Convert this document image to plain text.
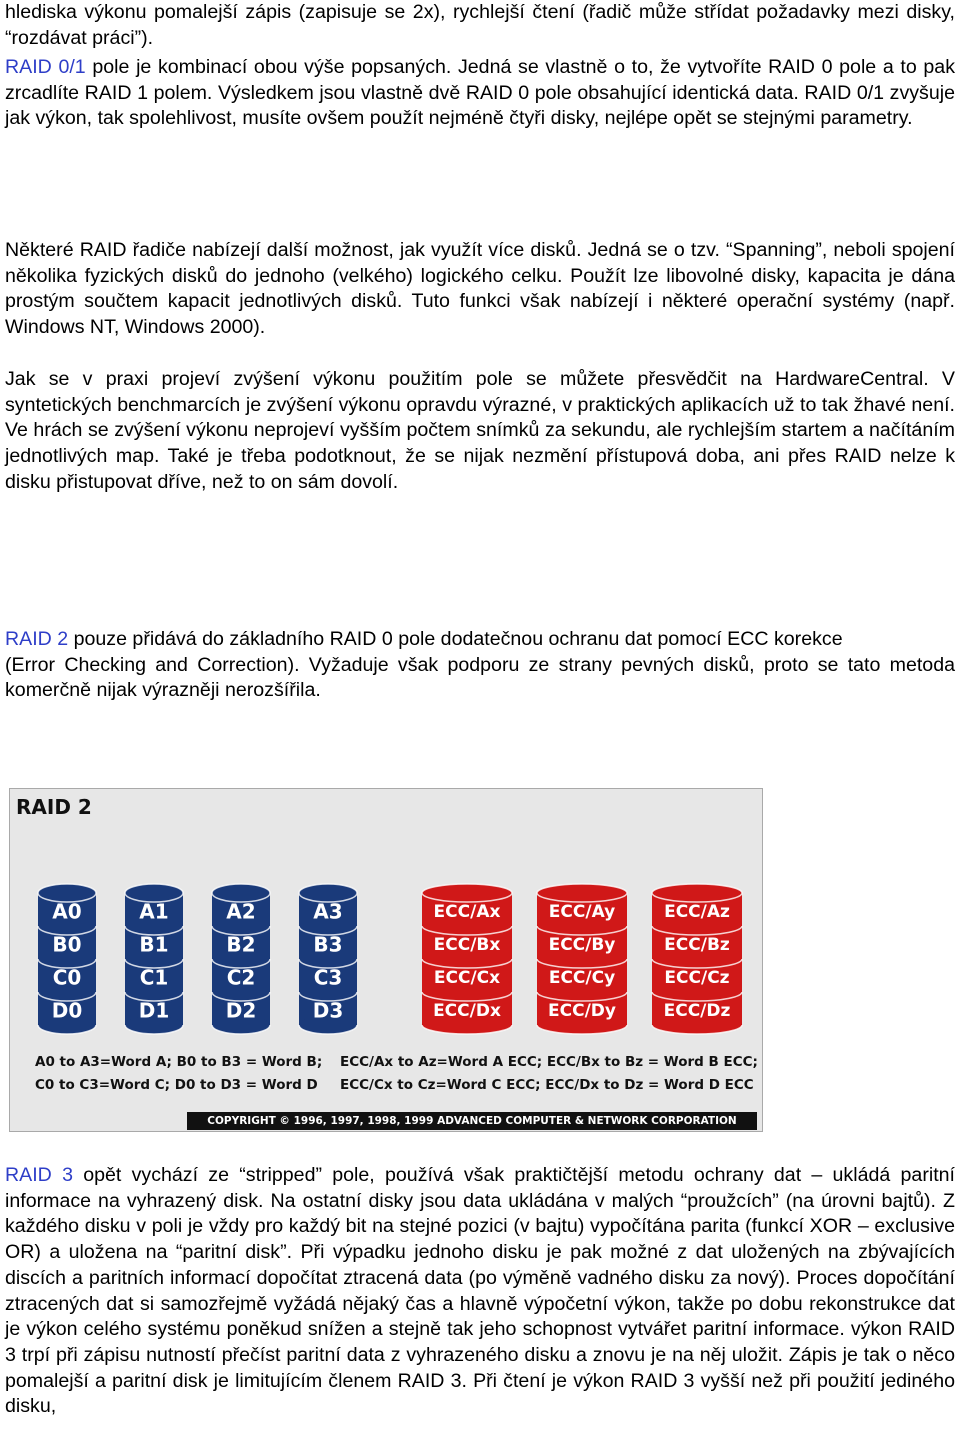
hlediska výkonu pomalejší zápis (zapisuje se 2x), rychlejší čtení (řadič může střídat požadavky mezi disky, “rozdávat práci”).

RAID 0/1 pole je kombinací obou výše popsaných. Jedná se vlastně o to, že vytvoříte RAID 0 pole a to pak zrcadlíte RAID 1 polem. Výsledkem jsou vlastně dvě RAID 0 pole obsahující identická data. RAID 0/1 zvyšuje jak výkon, tak spolehlivost, musíte ovšem použít nejméně čtyři disky, nejlépe opět se stejnými parametry.

Některé RAID řadiče nabízejí další možnost, jak využít více disků. Jedná se o tzv. “Spanning”, neboli spojení několika fyzických disků do jednoho (velkého) logického celku. Použít lze libovolné disky, kapacita je dána prostým součtem kapacit jednotlivých disků. Tuto funkci však nabízejí i některé operační systémy (např. Windows NT, Windows 2000).

Jak se v praxi projeví zvýšení výkonu použitím pole se můžete přesvědčit na HardwareCentral. V syntetických benchmarcích je zvýšení výkonu opravdu výrazné, v praktických aplikacích už to tak žhavé není. Ve hrách se zvýšení výkonu neprojeví vyšším počtem snímků za sekundu, ale rychlejším startem a načítáním jednotlivých map. Také je třeba podotknout, že se nijak nezmění přístupová doba, ani přes RAID nelze k disku přistupovat dříve, než to on sám dovolí.

RAID 2 pouze přidává do základního RAID 0 pole dodatečnou ochranu dat pomocí ECC korekce
(Error Checking and Correction). Vyžaduje však podporu ze strany pevných disků, proto se tato metoda komerčně nijak výrazněji nerozšířila.

RAID 2
A0
B0
C0
D0
A1
B1
C1
D1
A2
B2
C2
D2
A3
B3
C3
D3
ECC/Ax
ECC/Bx
ECC/Cx
ECC/Dx
ECC/Ay
ECC/By
ECC/Cy
ECC/Dy
ECC/Az
ECC/Bz
ECC/Cz
ECC/Dz
A0 to A3=Word A; B0 to B3 = Word B;
C0 to C3=Word C; D0 to D3 = Word D
ECC/Ax to Az=Word A ECC; ECC/Bx to Bz = Word B ECC;
ECC/Cx to Cz=Word C ECC; ECC/Dx to Dz = Word D ECC
COPYRIGHT © 1996, 1997, 1998, 1999 ADVANCED COMPUTER & NETWORK CORPORATION

RAID 3 opět vychází ze “stripped” pole, používá však praktičtější metodu ochrany dat – ukládá paritní informace na vyhrazený disk. Na ostatní disky jsou data ukládána v malých “proužcích” (na úrovni bajtů). Z každého disku v poli je vždy pro každý bit na stejné pozici (v bajtu) vypočítána parita (funkcí XOR – exclusive OR) a uložena na “paritní disk”. Při výpadku jednoho disku je pak možné z dat uložených na zbývajících discích a paritních informací dopočítat ztracená data (po výměně vadného disku za nový). Proces dopočítání ztracených dat si samozřejmě vyžádá nějaký čas a hlavně výpočetní výkon, takže po dobu rekonstrukce dat je výkon celého systému poněkud snížen a stejně tak jeho schopnost vytvářet paritní informace. výkon RAID 3 trpí při zápisu nutností přečíst paritní data z vyhrazeného disku a znovu je na něj uložit. Zápis je tak o něco pomalejší a paritní disk je limitujícím členem RAID 3. Při čtení je výkon RAID 3 vyšší než při použití jediného disku,
